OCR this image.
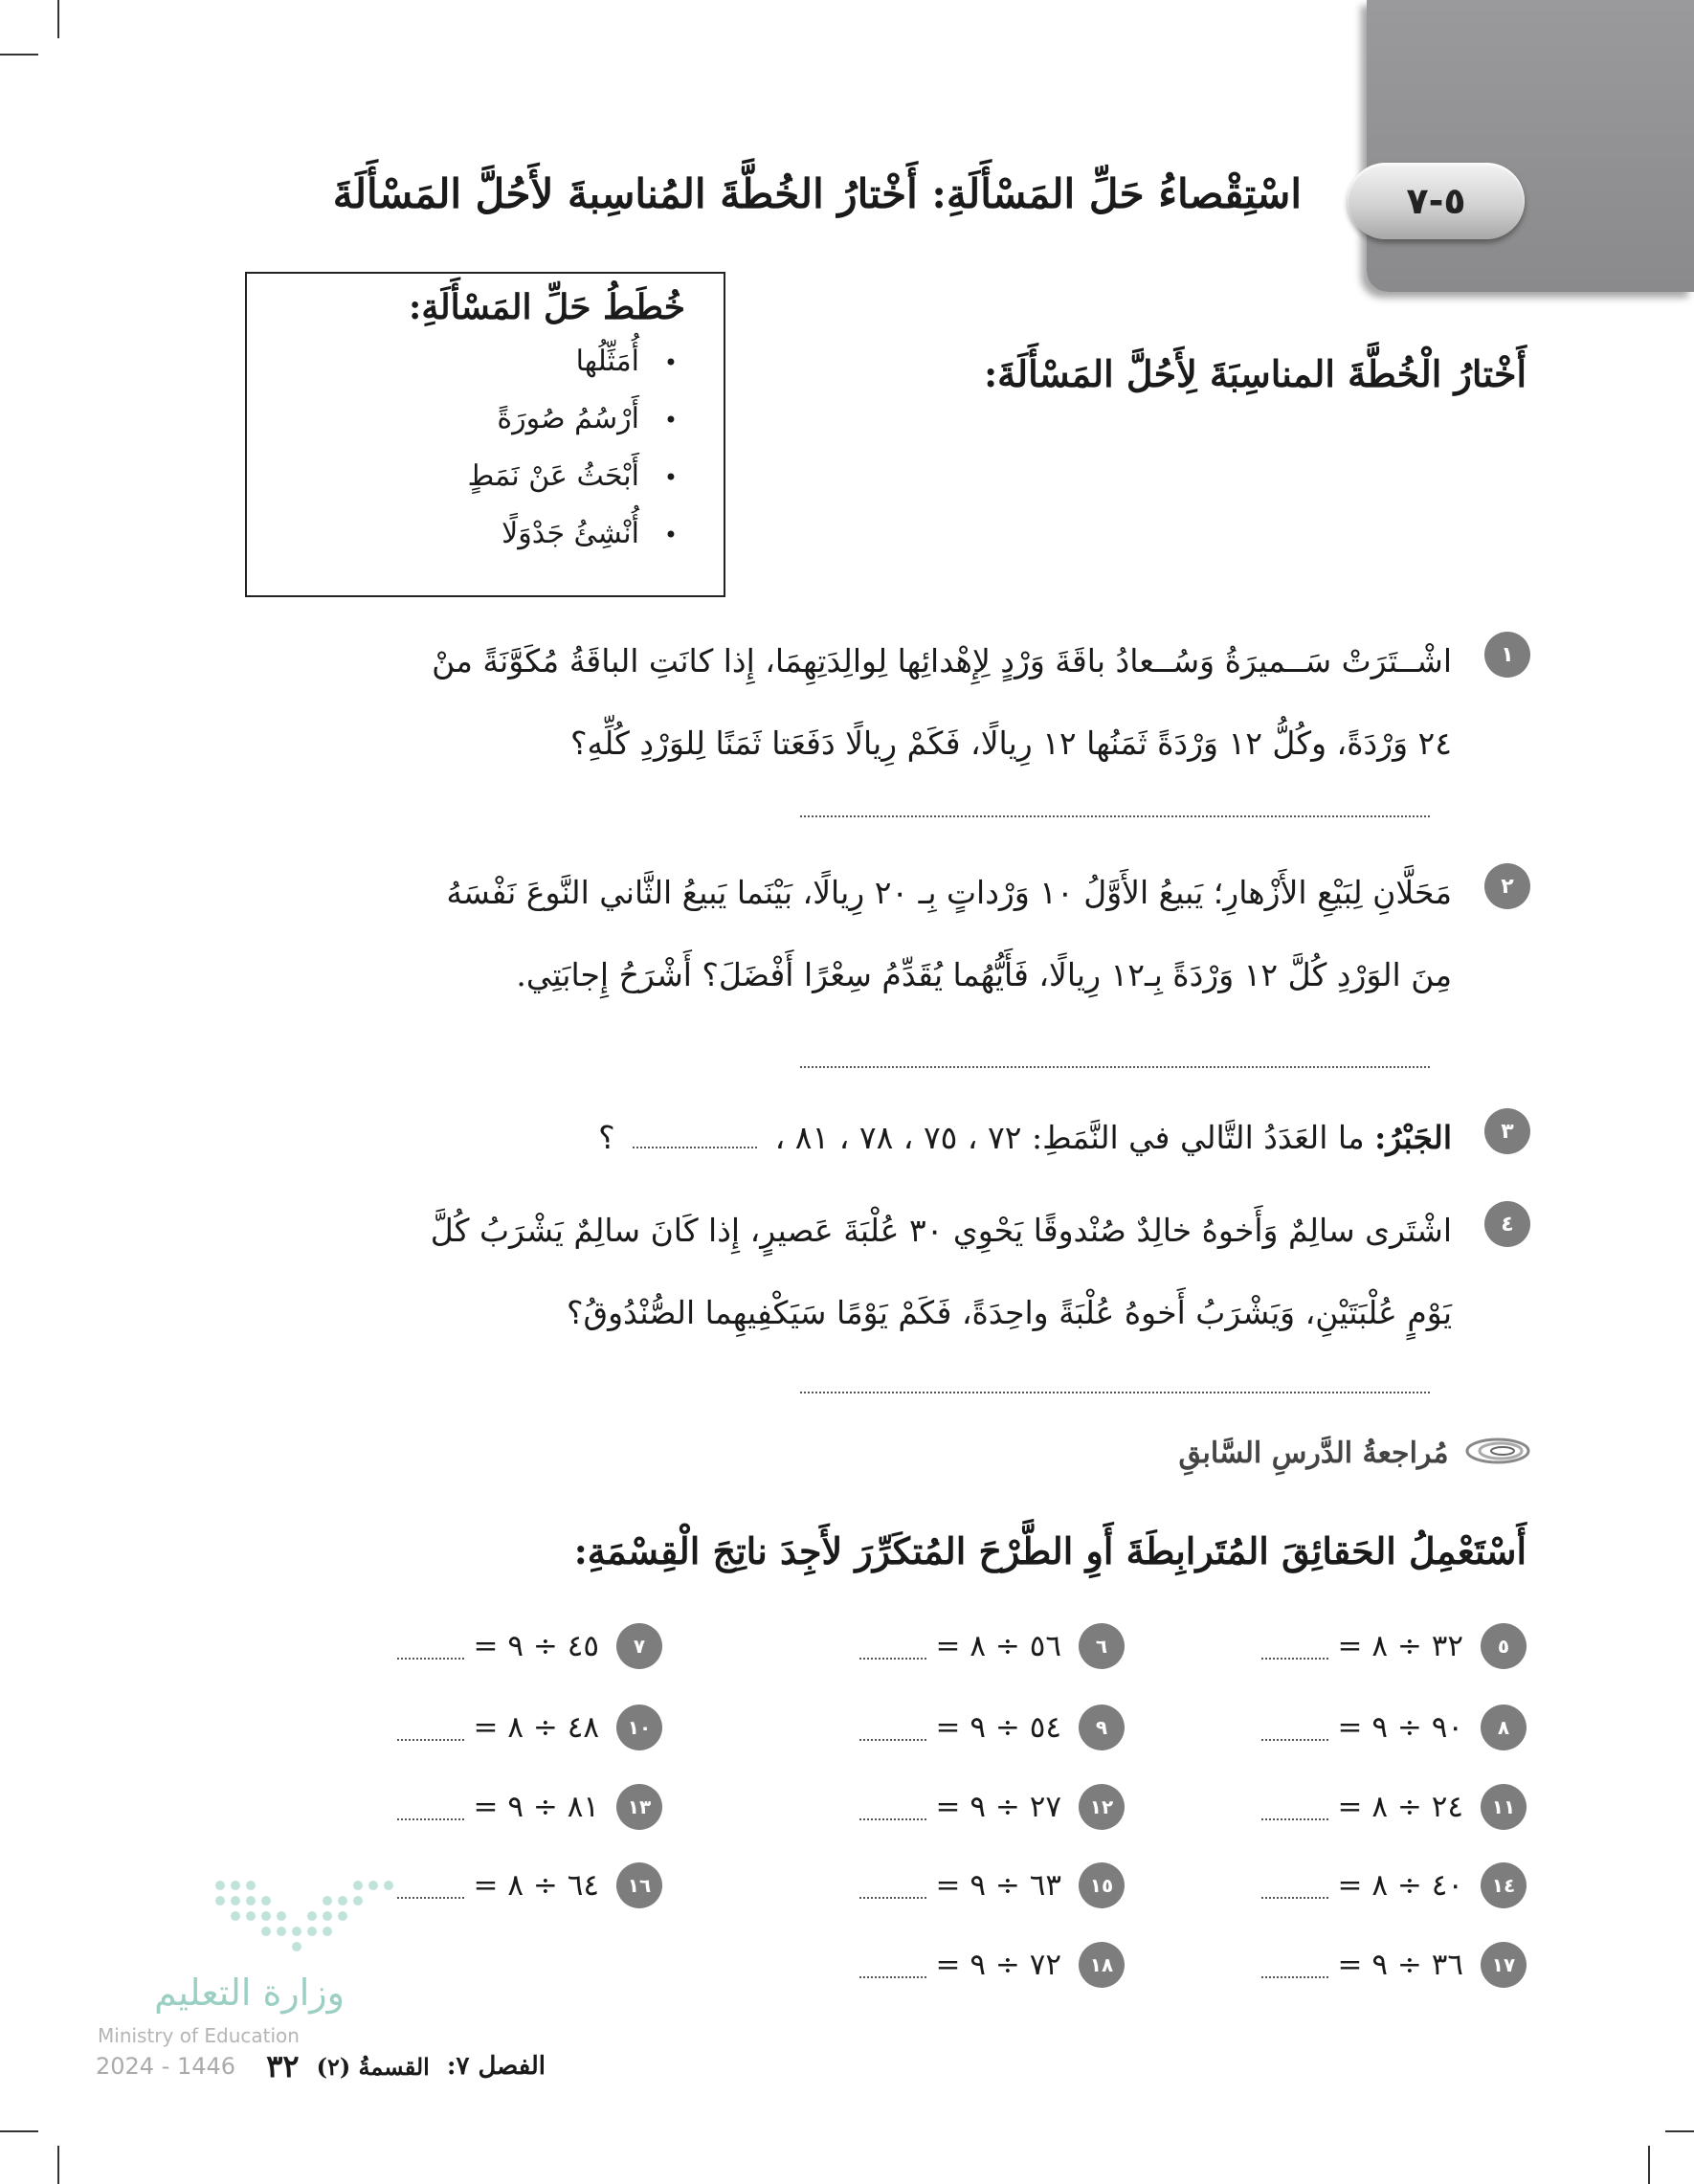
٥-٧
اسْتِقْصاءُ حَلِّ المَسْأَلَةِ: أَخْتارُ الخُطَّةَ المُناسِبةَ لأَحُلَّ المَسْأَلَةَ
خُطَطُ حَلِّ المَسْأَلَةِ:
•أُمَثِّلُها
•أَرْسُمُ صُورَةً
•أَبْحَثُ عَنْ نَمَطٍ
•أُنْشِئُ جَدْوَلًا
أَخْتارُ الْخُطَّةَ المناسِبَةَ لِأَحُلَّ المَسْأَلَةَ:
١
اشْــتَرَتْ سَــميرَةُ وَسُــعادُ باقَةَ وَرْدٍ لِإِهْدائِها لِوالِدَتِهِمَا، إِذا كانَتِ الباقَةُ مُكَوَّنَةً منْ
٢٤ وَرْدَةً، وكُلُّ ١٢ وَرْدَةً ثَمَنُها ١٢ رِيالًا، فَكَمْ رِيالًا دَفَعَتا ثَمَنًا لِلوَرْدِ كُلِّهِ؟
٢
مَحَلَّانِ لِبَيْعِ الأَزْهارِ؛ يَبيعُ الأَوَّلُ ١٠ وَرْداتٍ بِـ ٢٠ رِيالًا، بَيْنَما يَبيعُ الثَّاني النَّوعَ نَفْسَهُ
مِنَ الوَرْدِ كُلَّ ١٢ وَرْدَةً بِـ١٢ رِيالًا، فَأَيُّهُما يُقَدِّمُ سِعْرًا أَفْضَلَ؟ أَشْرَحُ إِجابَتِي.
٣
الجَبْرُ: ما العَدَدُ التَّالي في النَّمَطِ: ٧٢ ، ٧٥ ، ٧٨ ، ٨١ ،  ؟
٤
اشْتَرى سالِمٌ وَأَخوهُ خالِدٌ صُنْدوقًا يَحْوِي ٣٠ عُلْبَةَ عَصيرٍ، إِذا كَانَ سالِمٌ يَشْرَبُ كُلَّ
يَوْمٍ عُلْبَتَيْنِ، وَيَشْرَبُ أَخوهُ عُلْبَةً واحِدَةً، فَكَمْ يَوْمًا سَيَكْفِيهِما الصُّنْدُوقُ؟
مُراجعةُ الدَّرسِ السَّابقِ
أَسْتَعْمِلُ الحَقائِقَ المُتَرابِطَةَ أَوِ الطَّرْحَ المُتكَرِّرَ لأَجِدَ ناتِجَ الْقِسْمَةِ:
٥
٣٢ ÷ ٨ =
٦
٥٦ ÷ ٨ =
٧
٤٥ ÷ ٩ =
٨
٩٠ ÷ ٩ =
٩
٥٤ ÷ ٩ =
١٠
٤٨ ÷ ٨ =
١١
٢٤ ÷ ٨ =
١٢
٢٧ ÷ ٩ =
١٣
٨١ ÷ ٩ =
١٤
٤٠ ÷ ٨ =
١٥
٦٣ ÷ ٩ =
١٦
٦٤ ÷ ٨ =
١٧
٣٦ ÷ ٩ =
١٨
٧٢ ÷ ٩ =
وزارة التعليم
Ministry of Education
2024 - 1446	الفصل ٧:
القسمةُ (٢)
٣٢
